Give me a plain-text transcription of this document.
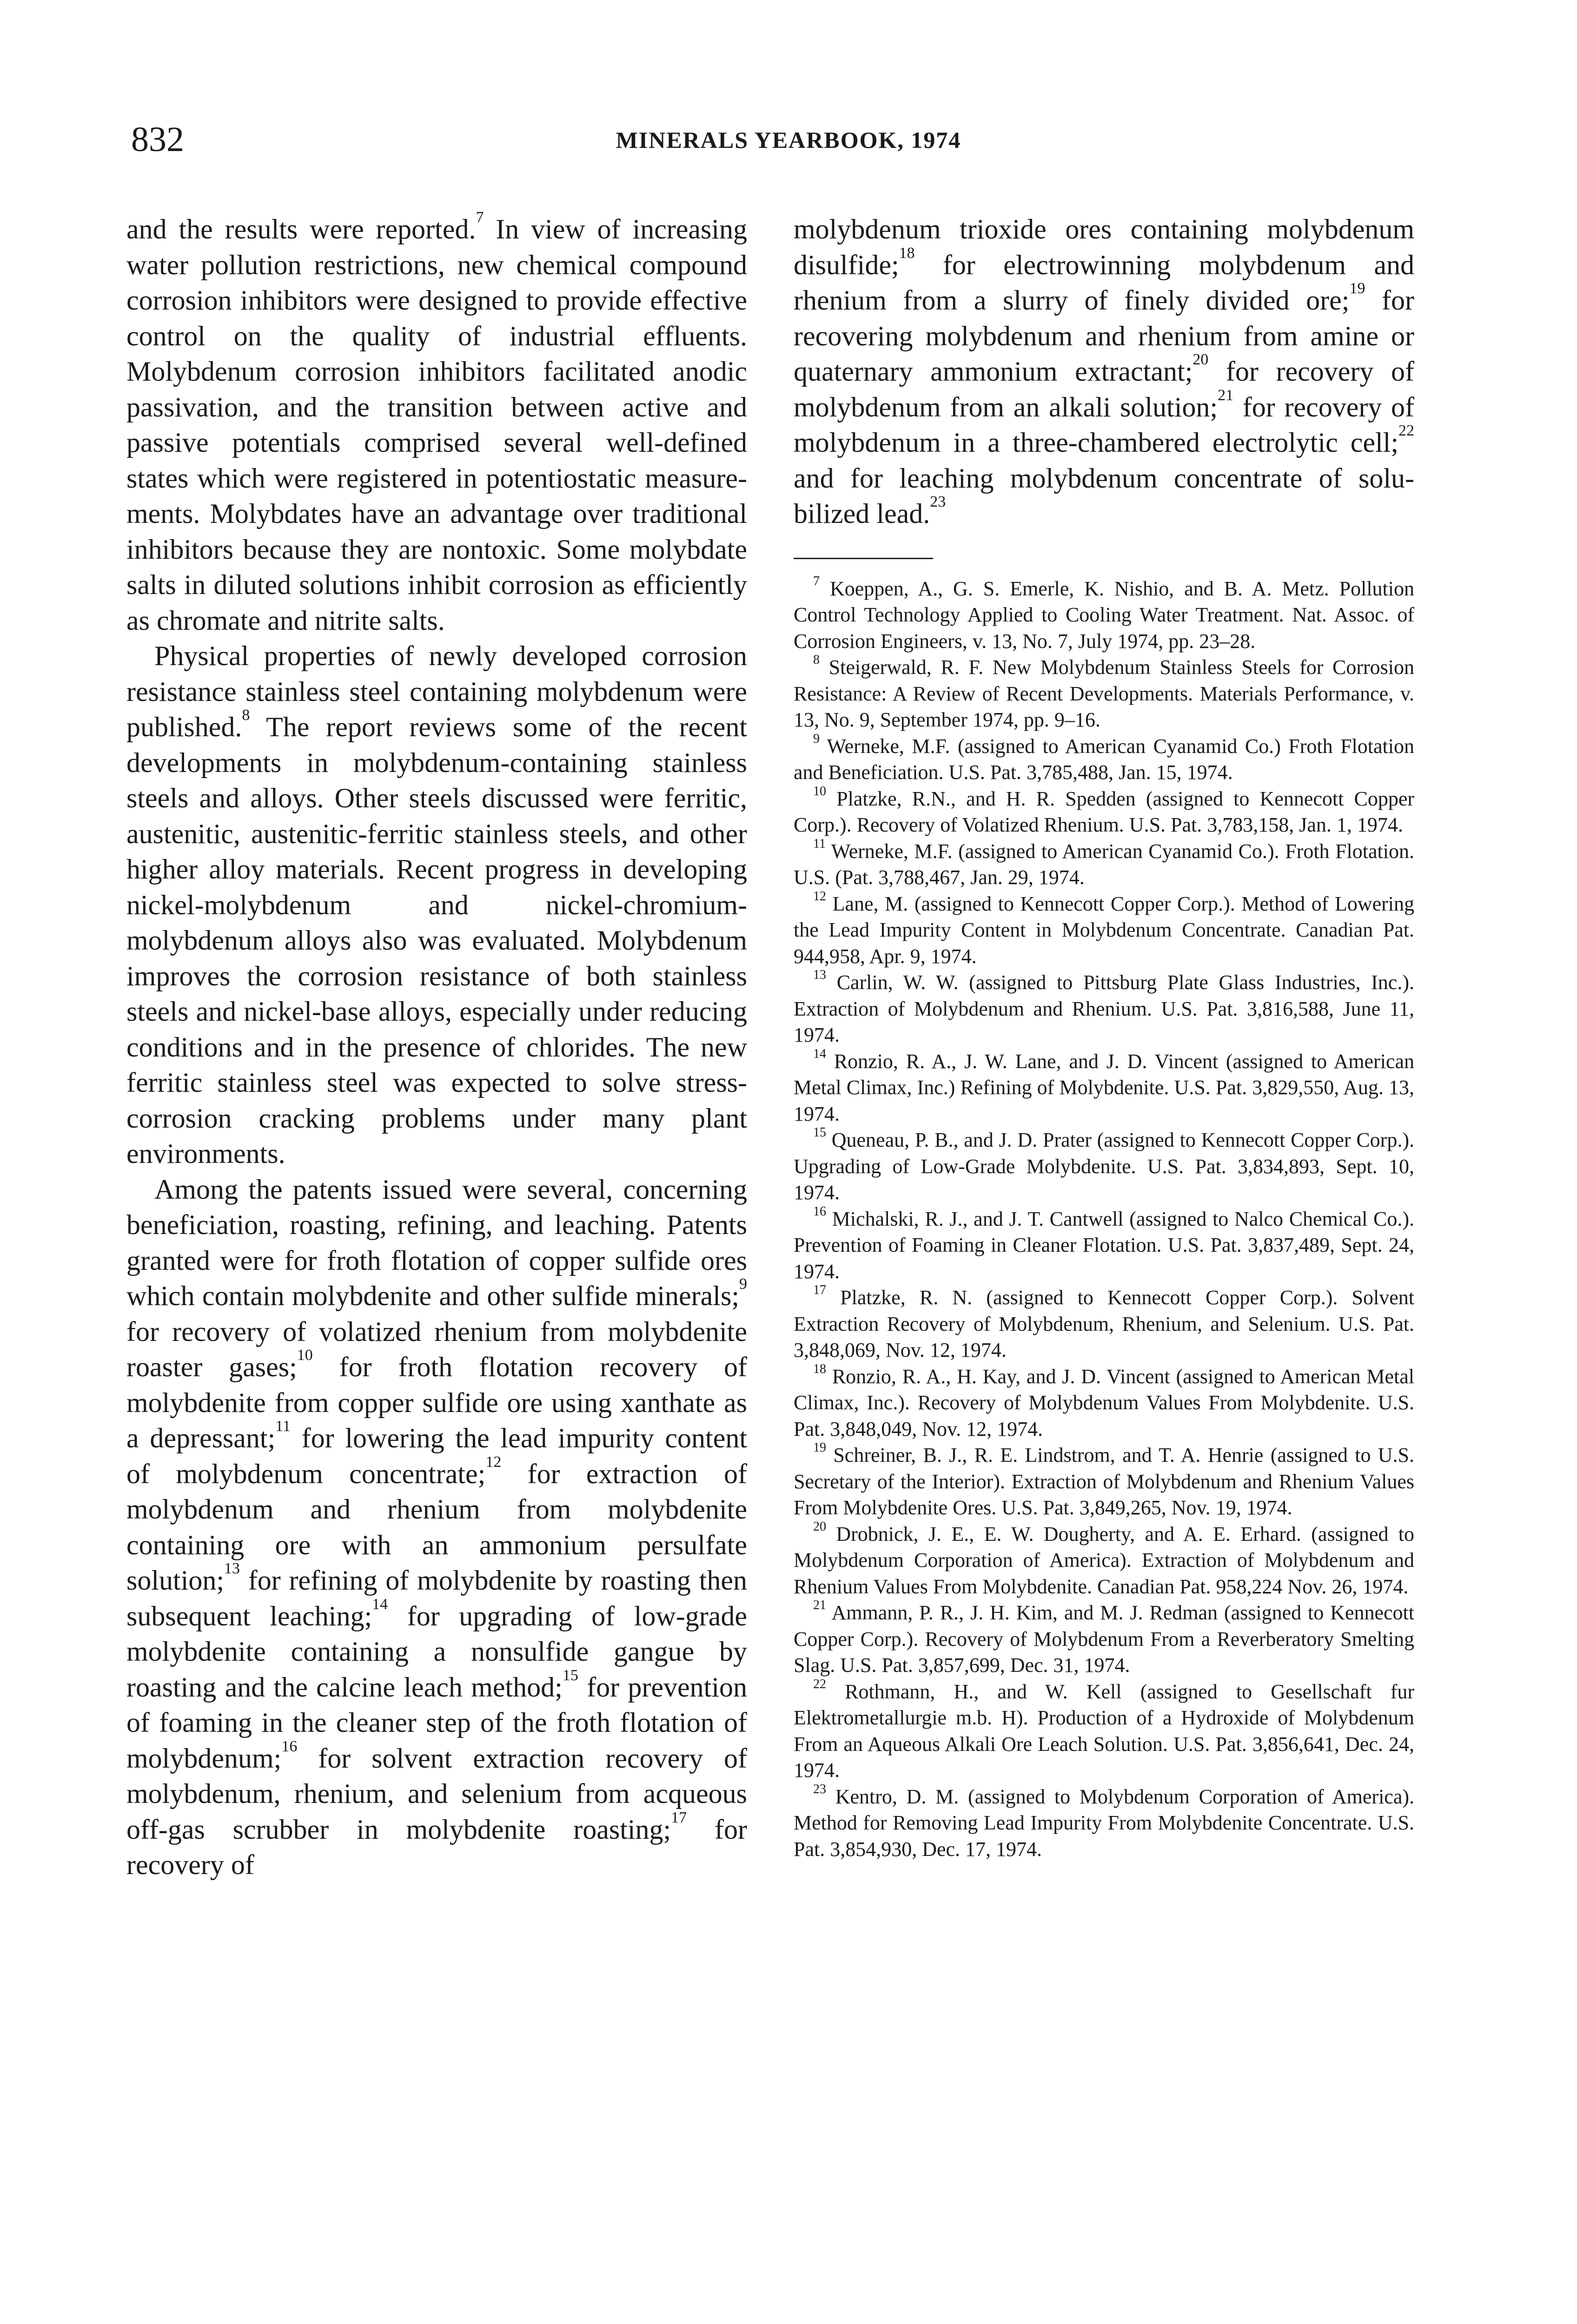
832	MINERALS YEARBOOK, 1974

and the results were reported.$^7$ In view of increasing water pollution restrictions, new chemical compound corrosion inhibitors were designed to provide effective control on the quality of industrial effluents. Molybdenum corrosion inhibitors facilitated anodic passivation, and the transition between active and passive potentials comprised several well-defined states which were registered in potentiostatic measurements. Molybdates have an advantage over traditional inhibitors because they are nontoxic. Some molybdate salts in diluted solutions inhibit corrosion as efficiently as chromate and nitrite salts.

Physical properties of newly developed corrosion resistance stainless steel containing molybdenum were published.$^8$ The report reviews some of the recent developments in molybdenum-containing stainless steels and alloys. Other steels discussed were ferritic, austenitic, austenitic-ferritic stainless steels, and other higher alloy materials. Recent progress in developing nickel-molybdenum and nickel-chromium-molybdenum alloys also was evaluated. Molybdenum improves the corrosion resistance of both stainless steels and nickel-base alloys, especially under reducing conditions and in the presence of chlorides. The new ferritic stainless steel was expected to solve stress-corrosion cracking problems under many plant environments.

Among the patents issued were several, concerning beneficiation, roasting, refining, and leaching. Patents granted were for froth flotation of copper sulfide ores which contain molybdenite and other sulfide minerals;$^9$ for recovery of volatized rhenium from molybdenite roaster gases;$^{10}$ for froth flotation recovery of molybdenite from copper sulfide ore using xanthate as a depressant;$^{11}$ for lowering the lead impurity content of molybdenum concentrate;$^{12}$ for extraction of molybdenum and rhenium from molybdenite containing ore with an ammonium persulfate solution;$^{13}$ for refining of molybdenite by roasting then subsequent leaching;$^{14}$ for upgrading of low-grade molybdenite containing a nonsulfide gangue by roasting and the calcine leach method;$^{15}$ for prevention of foaming in the cleaner step of the froth flotation of molybdenum;$^{16}$ for solvent extraction recovery of molybdenum, rhenium, and selenium from acqueous off-gas scrubber in molybdenite roasting;$^{17}$ for recovery of

molybdenum trioxide ores containing molybdenum disulfide;$^{18}$ for electrowinning molybdenum and rhenium from a slurry of finely divided ore;$^{19}$ for recovering molybdenum and rhenium from amine or quaternary ammonium extractant;$^{20}$ for recovery of molybdenum from an alkali solution;$^{21}$ for recovery of molybdenum in a three-chambered electrolytic cell;$^{22}$ and for leaching molybdenum concentrate of solubilized lead.$^{23}$

$^7$ Koeppen, A., G. S. Emerle, K. Nishio, and B. A. Metz. Pollution Control Technology Applied to Cooling Water Treatment. Nat. Assoc. of Corrosion Engineers, v. 13, No. 7, July 1974, pp. 23–28.

$^8$ Steigerwald, R. F. New Molybdenum Stainless Steels for Corrosion Resistance: A Review of Recent Developments. Materials Performance, v. 13, No. 9, September 1974, pp. 9–16.

$^9$ Werneke, M.F. (assigned to American Cyanamid Co.) Froth Flotation and Beneficiation. U.S. Pat. 3,785,488, Jan. 15, 1974.

$^{10}$ Platzke, R.N., and H. R. Spedden (assigned to Kennecott Copper Corp.). Recovery of Volatized Rhenium. U.S. Pat. 3,783,158, Jan. 1, 1974.

$^{11}$ Werneke, M.F. (assigned to American Cyanamid Co.). Froth Flotation. U.S. (Pat. 3,788,467, Jan. 29, 1974.

$^{12}$ Lane, M. (assigned to Kennecott Copper Corp.). Method of Lowering the Lead Impurity Content in Molybdenum Concentrate. Canadian Pat. 944,958, Apr. 9, 1974.

$^{13}$ Carlin, W. W. (assigned to Pittsburg Plate Glass Industries, Inc.). Extraction of Molybdenum and Rhenium. U.S. Pat. 3,816,588, June 11, 1974.

$^{14}$ Ronzio, R. A., J. W. Lane, and J. D. Vincent (assigned to American Metal Climax, Inc.) Refining of Molybdenite. U.S. Pat. 3,829,550, Aug. 13, 1974.

$^{15}$ Queneau, P. B., and J. D. Prater (assigned to Kennecott Copper Corp.). Upgrading of Low-Grade Molybdenite. U.S. Pat. 3,834,893, Sept. 10, 1974.

$^{16}$ Michalski, R. J., and J. T. Cantwell (assigned to Nalco Chemical Co.). Prevention of Foaming in Cleaner Flotation. U.S. Pat. 3,837,489, Sept. 24, 1974.

$^{17}$ Platzke, R. N. (assigned to Kennecott Copper Corp.). Solvent Extraction Recovery of Molybdenum, Rhenium, and Selenium. U.S. Pat. 3,848,069, Nov. 12, 1974.

$^{18}$ Ronzio, R. A., H. Kay, and J. D. Vincent (assigned to American Metal Climax, Inc.). Recovery of Molybdenum Values From Molybdenite. U.S. Pat. 3,848,049, Nov. 12, 1974.

$^{19}$ Schreiner, B. J., R. E. Lindstrom, and T. A. Henrie (assigned to U.S. Secretary of the Interior). Extraction of Molybdenum and Rhenium Values From Molybdenite Ores. U.S. Pat. 3,849,265, Nov. 19, 1974.

$^{20}$ Drobnick, J. E., E. W. Dougherty, and A. E. Erhard. (assigned to Molybdenum Corporation of America). Extraction of Molybdenum and Rhenium Values From Molybdenite. Canadian Pat. 958,224 Nov. 26, 1974.

$^{21}$ Ammann, P. R., J. H. Kim, and M. J. Redman (assigned to Kennecott Copper Corp.). Recovery of Molybdenum From a Reverberatory Smelting Slag. U.S. Pat. 3,857,699, Dec. 31, 1974.

$^{22}$ Rothmann, H., and W. Kell (assigned to Gesellschaft fur Elektrometallurgie m.b. H). Production of a Hydroxide of Molybdenum From an Aqueous Alkali Ore Leach Solution. U.S. Pat. 3,856,641, Dec. 24, 1974.

$^{23}$ Kentro, D. M. (assigned to Molybdenum Corporation of America). Method for Removing Lead Impurity From Molybdenite Concentrate. U.S. Pat. 3,854,930, Dec. 17, 1974.
